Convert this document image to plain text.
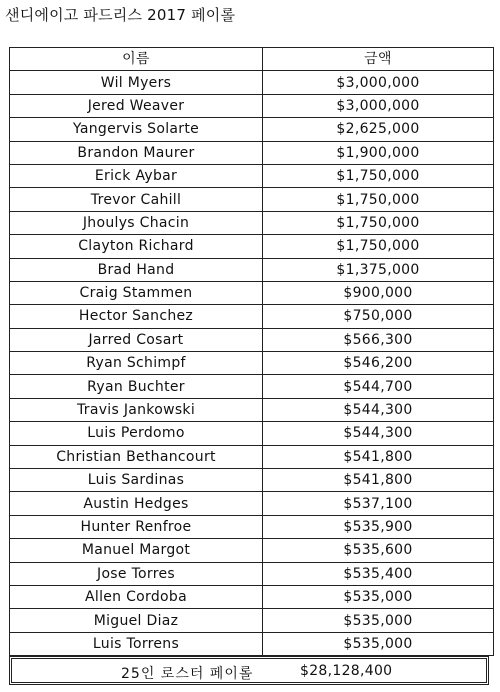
샌디에이고 파드리스 2017 페이롤
이름	금액
Wil Myers	$3,000,000
Jered Weaver	$3,000,000
Yangervis Solarte	$2,625,000
Brandon Maurer	$1,900,000
Erick Aybar	$1,750,000
Trevor Cahill	$1,750,000
Jhoulys Chacin	$1,750,000
Clayton Richard	$1,750,000
Brad Hand	$1,375,000
Craig Stammen	$900,000
Hector Sanchez	$750,000
Jarred Cosart	$566,300
Ryan Schimpf	$546,200
Ryan Buchter	$544,700
Travis Jankowski	$544,300
Luis Perdomo	$544,300
Christian Bethancourt	$541,800
Luis Sardinas	$541,800
Austin Hedges	$537,100
Hunter Renfroe	$535,900
Manuel Margot	$535,600
Jose Torres	$535,400
Allen Cordoba	$535,000
Miguel Diaz	$535,000
Luis Torrens	$535,000
25인 로스터 페이롤	$28,128,400
